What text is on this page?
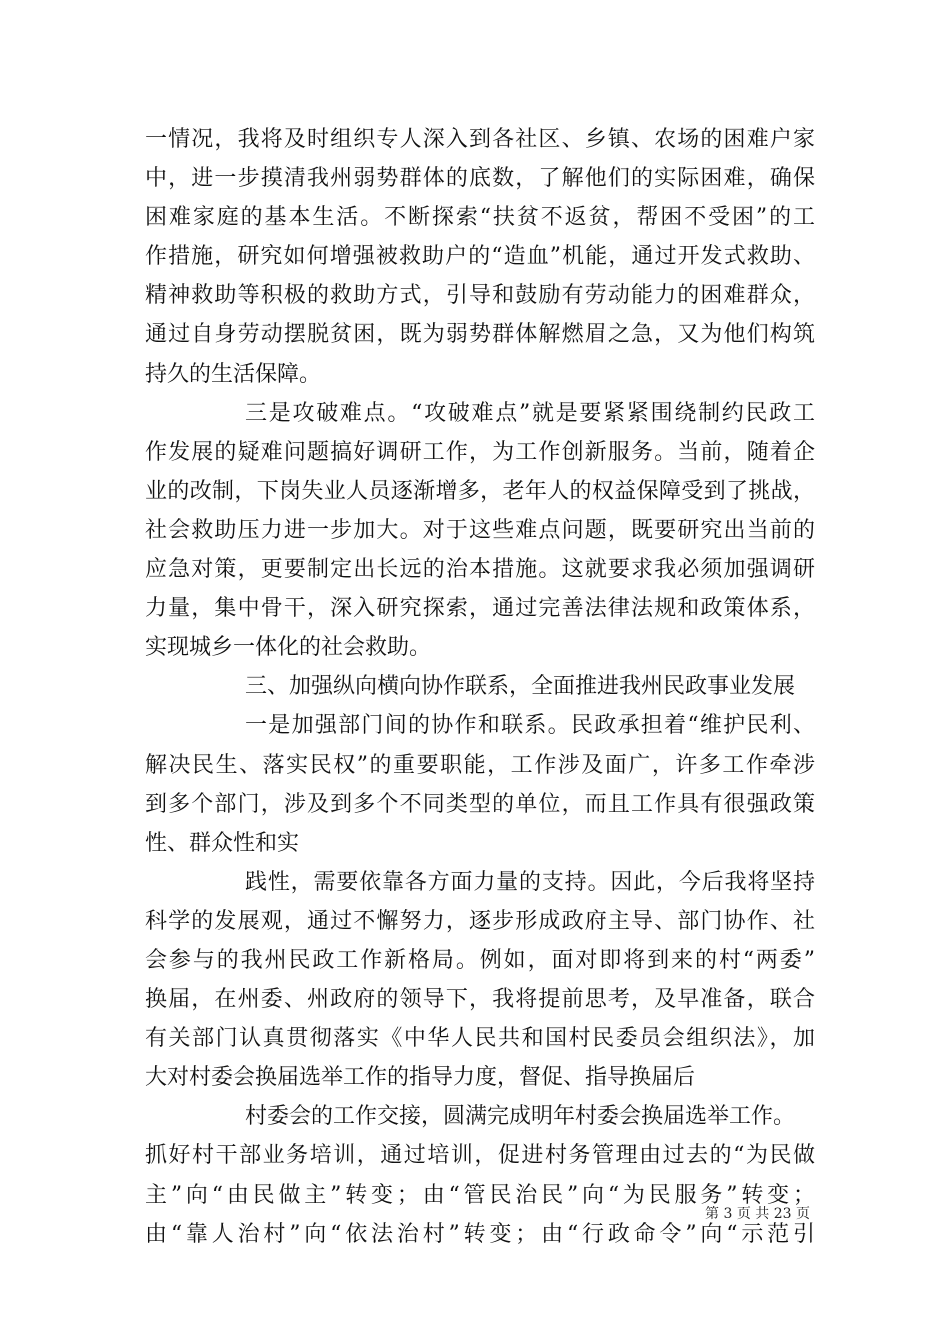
一情况，我将及时组织专人深入到各社区、乡镇、农场的困难户家
中，进一步摸清我州弱势群体的底数，了解他们的实际困难，确保
困难家庭的基本生活。不断探索“扶贫不返贫，帮困不受困”的工
作措施，研究如何增强被救助户的“造血”机能，通过开发式救助、
精神救助等积极的救助方式，引导和鼓励有劳动能力的困难群众，
通过自身劳动摆脱贫困，既为弱势群体解燃眉之急，又为他们构筑
持久的生活保障。
三是攻破难点。“攻破难点”就是要紧紧围绕制约民政工
作发展的疑难问题搞好调研工作，为工作创新服务。当前，随着企
业的改制，下岗失业人员逐渐增多，老年人的权益保障受到了挑战，
社会救助压力进一步加大。对于这些难点问题，既要研究出当前的
应急对策，更要制定出长远的治本措施。这就要求我必须加强调研
力量，集中骨干，深入研究探索，通过完善法律法规和政策体系，
实现城乡一体化的社会救助。
三、加强纵向横向协作联系，全面推进我州民政事业发展
一是加强部门间的协作和联系。民政承担着“维护民利、
解决民生、落实民权”的重要职能，工作涉及面广，许多工作牵涉
到多个部门，涉及到多个不同类型的单位，而且工作具有很强政策
性、群众性和实
践性，需要依靠各方面力量的支持。因此，今后我将坚持
科学的发展观，通过不懈努力，逐步形成政府主导、部门协作、社
会参与的我州民政工作新格局。例如，面对即将到来的村“两委”
换届，在州委、州政府的领导下，我将提前思考，及早准备，联合
有关部门认真贯彻落实《中华人民共和国村民委员会组织法》，加
大对村委会换届选举工作的指导力度，督促、指导换届后
村委会的工作交接，圆满完成明年村委会换届选举工作。
抓好村干部业务培训，通过培训，促进村务管理由过去的“为民做
主”向“由民做主”转变；由“管民治民”向“为民服务”转变；
由“靠人治村”向“依法治村”转变；由“行政命令”向“示范引
第 3 页 共 23 页
